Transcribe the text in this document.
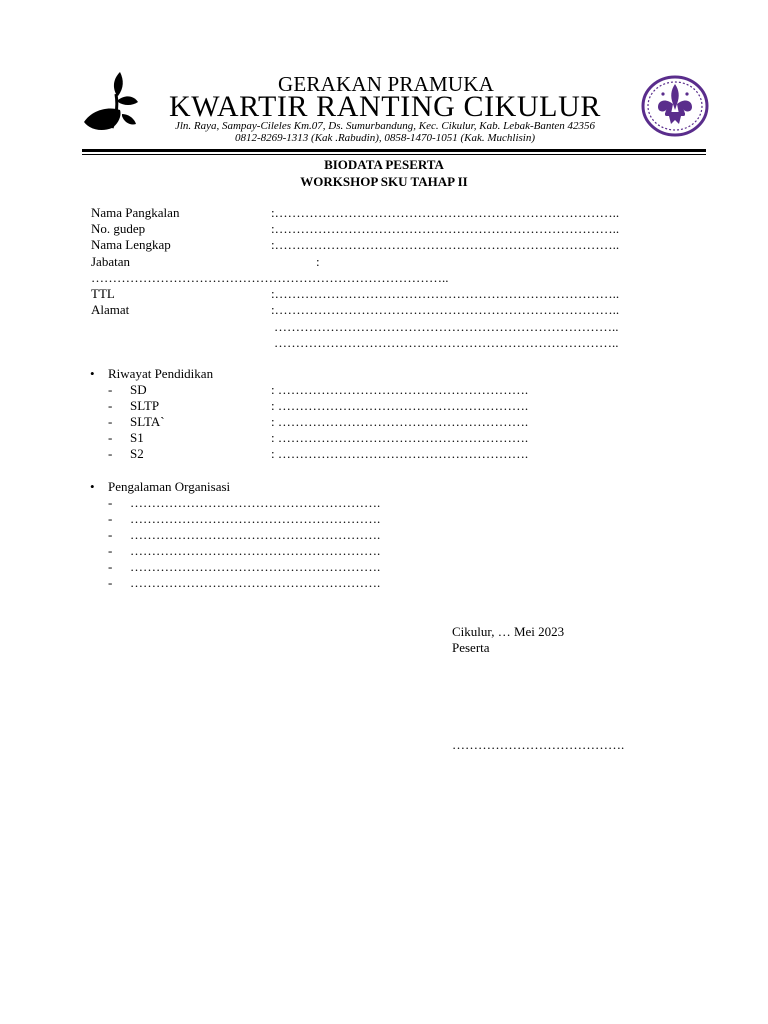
GERAKAN PRAMUKA
KWARTIR RANTING CIKULUR
Jln. Raya, Sampay-Cileles Km.07, Ds. Sumurbandung, Kec. Cikulur, Kab. Lebak-Banten 42356
0812-8269-1313 (Kak .Rabudin), 0858-1470-1051 (Kak. Muchlisin)
BIODATA PESERTA
WORKSHOP SKU TAHAP II
Nama Pangkalan	:……………………………………………………………………..
No. gudep	:……………………………………………………………………..
Nama Lengkap	:……………………………………………………………………..
Jabatan	:
………………………………………………………………………..
TTL	:……………………………………………………………………..
Alamat	:……………………………………………………………………..
……………………………………………………………………..
……………………………………………………………………..
• Riwayat Pendidikan
- SD	: ………………………………………………….
- SLTP	: ………………………………………………….
- SLTA`	: ………………………………………………….
- S1	: ………………………………………………….
- S2	: ………………………………………………….
• Pengalaman Organisasi
- ………………………………………………….
- ………………………………………………….
- ………………………………………………….
- ………………………………………………….
- ………………………………………………….
- ………………………………………………….
Cikulur, … Mei 2023
Peserta
………………………………….
